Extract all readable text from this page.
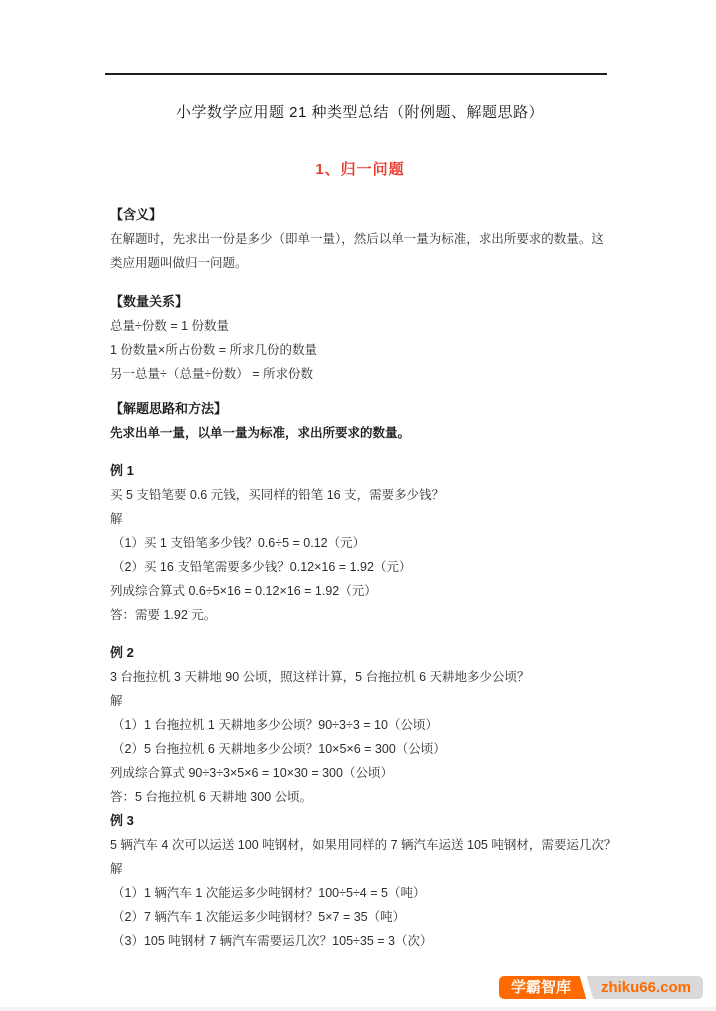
小学数学应用题 21 种类型总结（附例题、解题思路）
1、归一问题

【含义】

在解题时，先求出一份是多少（即单一量），然后以单一量为标准，求出所要求的数量。这类应用题叫做归一问题。

【数量关系】

总量÷份数 = 1 份数量

1 份数量×所占份数 = 所求几份的数量

另一总量÷（总量÷份数） = 所求份数

【解题思路和方法】

先求出单一量，以单一量为标准，求出所要求的数量。

例 1

买 5 支铅笔要 0.6 元钱，买同样的铅笔 16 支，需要多少钱？

解

（1）买 1 支铅笔多少钱？0.6÷5 = 0.12（元）

（2）买 16 支铅笔需要多少钱？0.12×16 = 1.92（元）

列成综合算式 0.6÷5×16 = 0.12×16 = 1.92（元）

答：需要 1.92 元。

例 2

3 台拖拉机 3 天耕地 90 公顷，照这样计算，5 台拖拉机 6 天耕地多少公顷？

解

（1）1 台拖拉机 1 天耕地多少公顷？90÷3÷3 = 10（公顷）

（2）5 台拖拉机 6 天耕地多少公顷？10×5×6 = 300（公顷）

列成综合算式 90÷3÷3×5×6 = 10×30 = 300（公顷）

答：5 台拖拉机 6 天耕地 300 公顷。

例 3

5 辆汽车 4 次可以运送 100 吨钢材，如果用同样的 7 辆汽车运送 105 吨钢材，需要运几次？

解

（1）1 辆汽车 1 次能运多少吨钢材？100÷5÷4 = 5（吨）

（2）7 辆汽车 1 次能运多少吨钢材？5×7 = 35（吨）

（3）105 吨钢材 7 辆汽车需要运几次？105÷35 = 3（次）

学霸智库	zhiku66.com
